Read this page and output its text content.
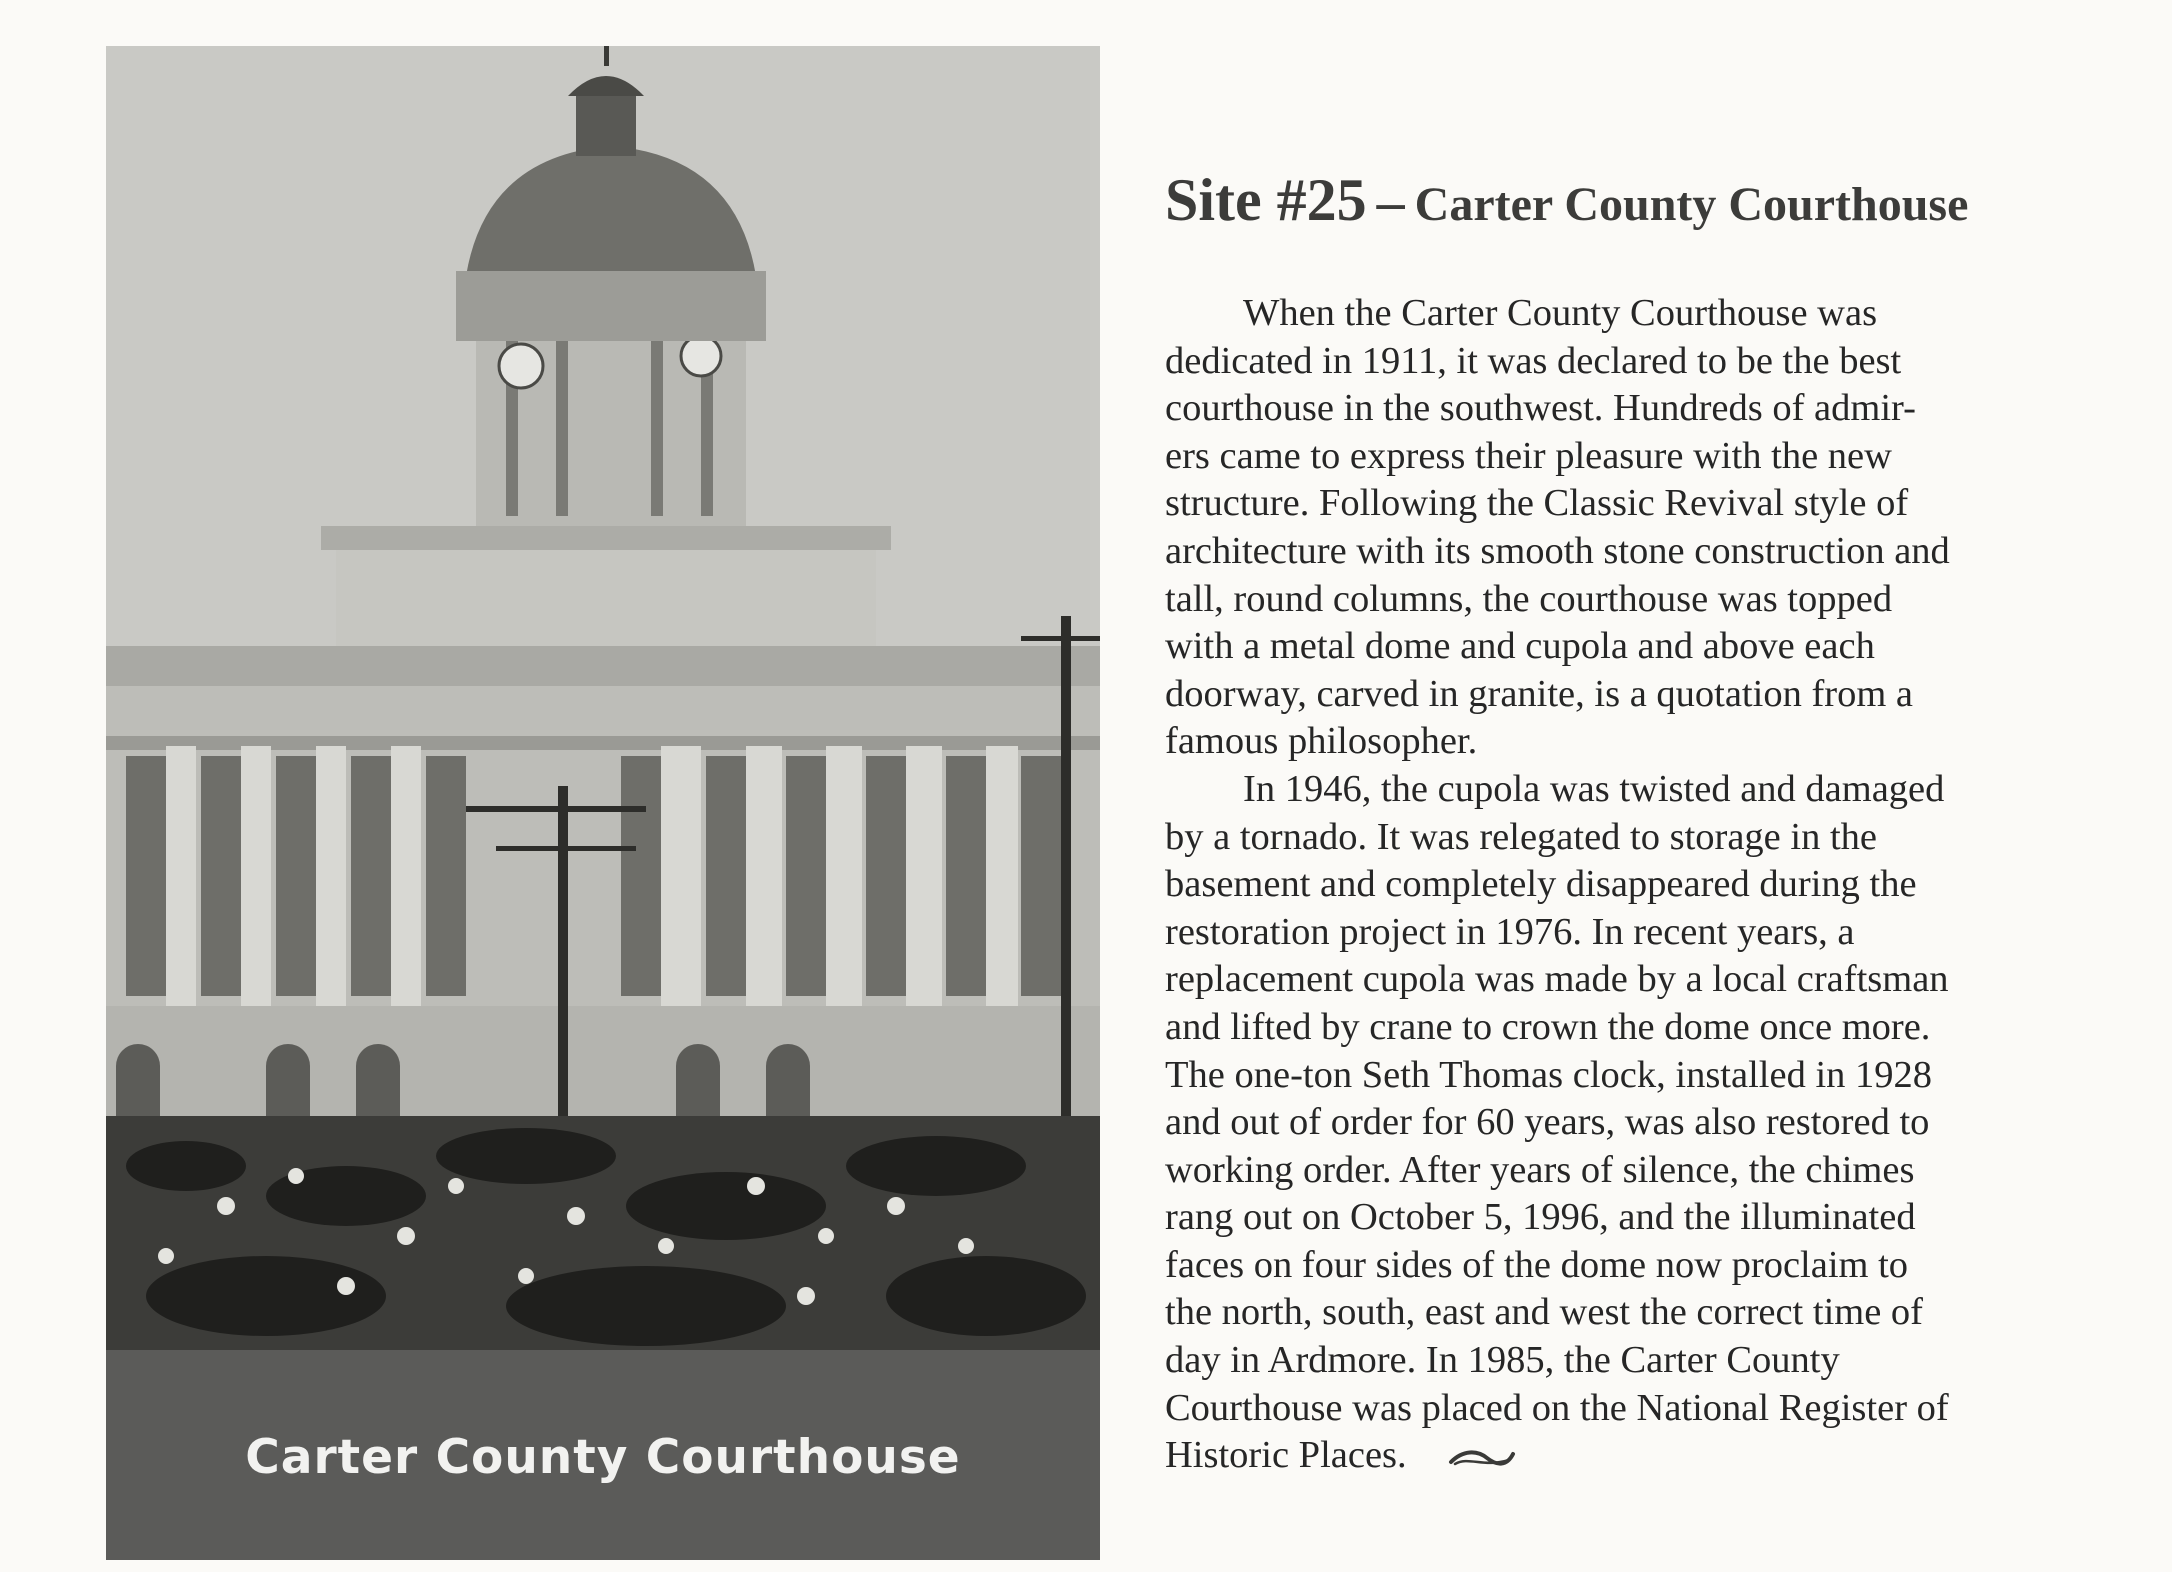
Carter County Courthouse
Site #25 – Carter County Courthouse

When the Carter County Courthouse was
dedicated in 1911, it was declared to be the best
courthouse in the southwest. Hundreds of admir-
ers came to express their pleasure with the new
structure. Following the Classic Revival style of
architecture with its smooth stone construction and
tall, round columns, the courthouse was topped
with a metal dome and cupola and above each
doorway, carved in granite, is a quotation from a
famous philosopher.

In 1946, the cupola was twisted and damaged
by a tornado. It was relegated to storage in the
basement and completely disappeared during the
restoration project in 1976. In recent years, a
replacement cupola was made by a local craftsman
and lifted by crane to crown the dome once more.
The one-ton Seth Thomas clock, installed in 1928
and out of order for 60 years, was also restored to
working order. After years of silence, the chimes
rang out on October 5, 1996, and the illuminated
faces on four sides of the dome now proclaim to
the north, south, east and west the correct time of
day in Ardmore. In 1985, the Carter County
Courthouse was placed on the National Register of
Historic Places.
